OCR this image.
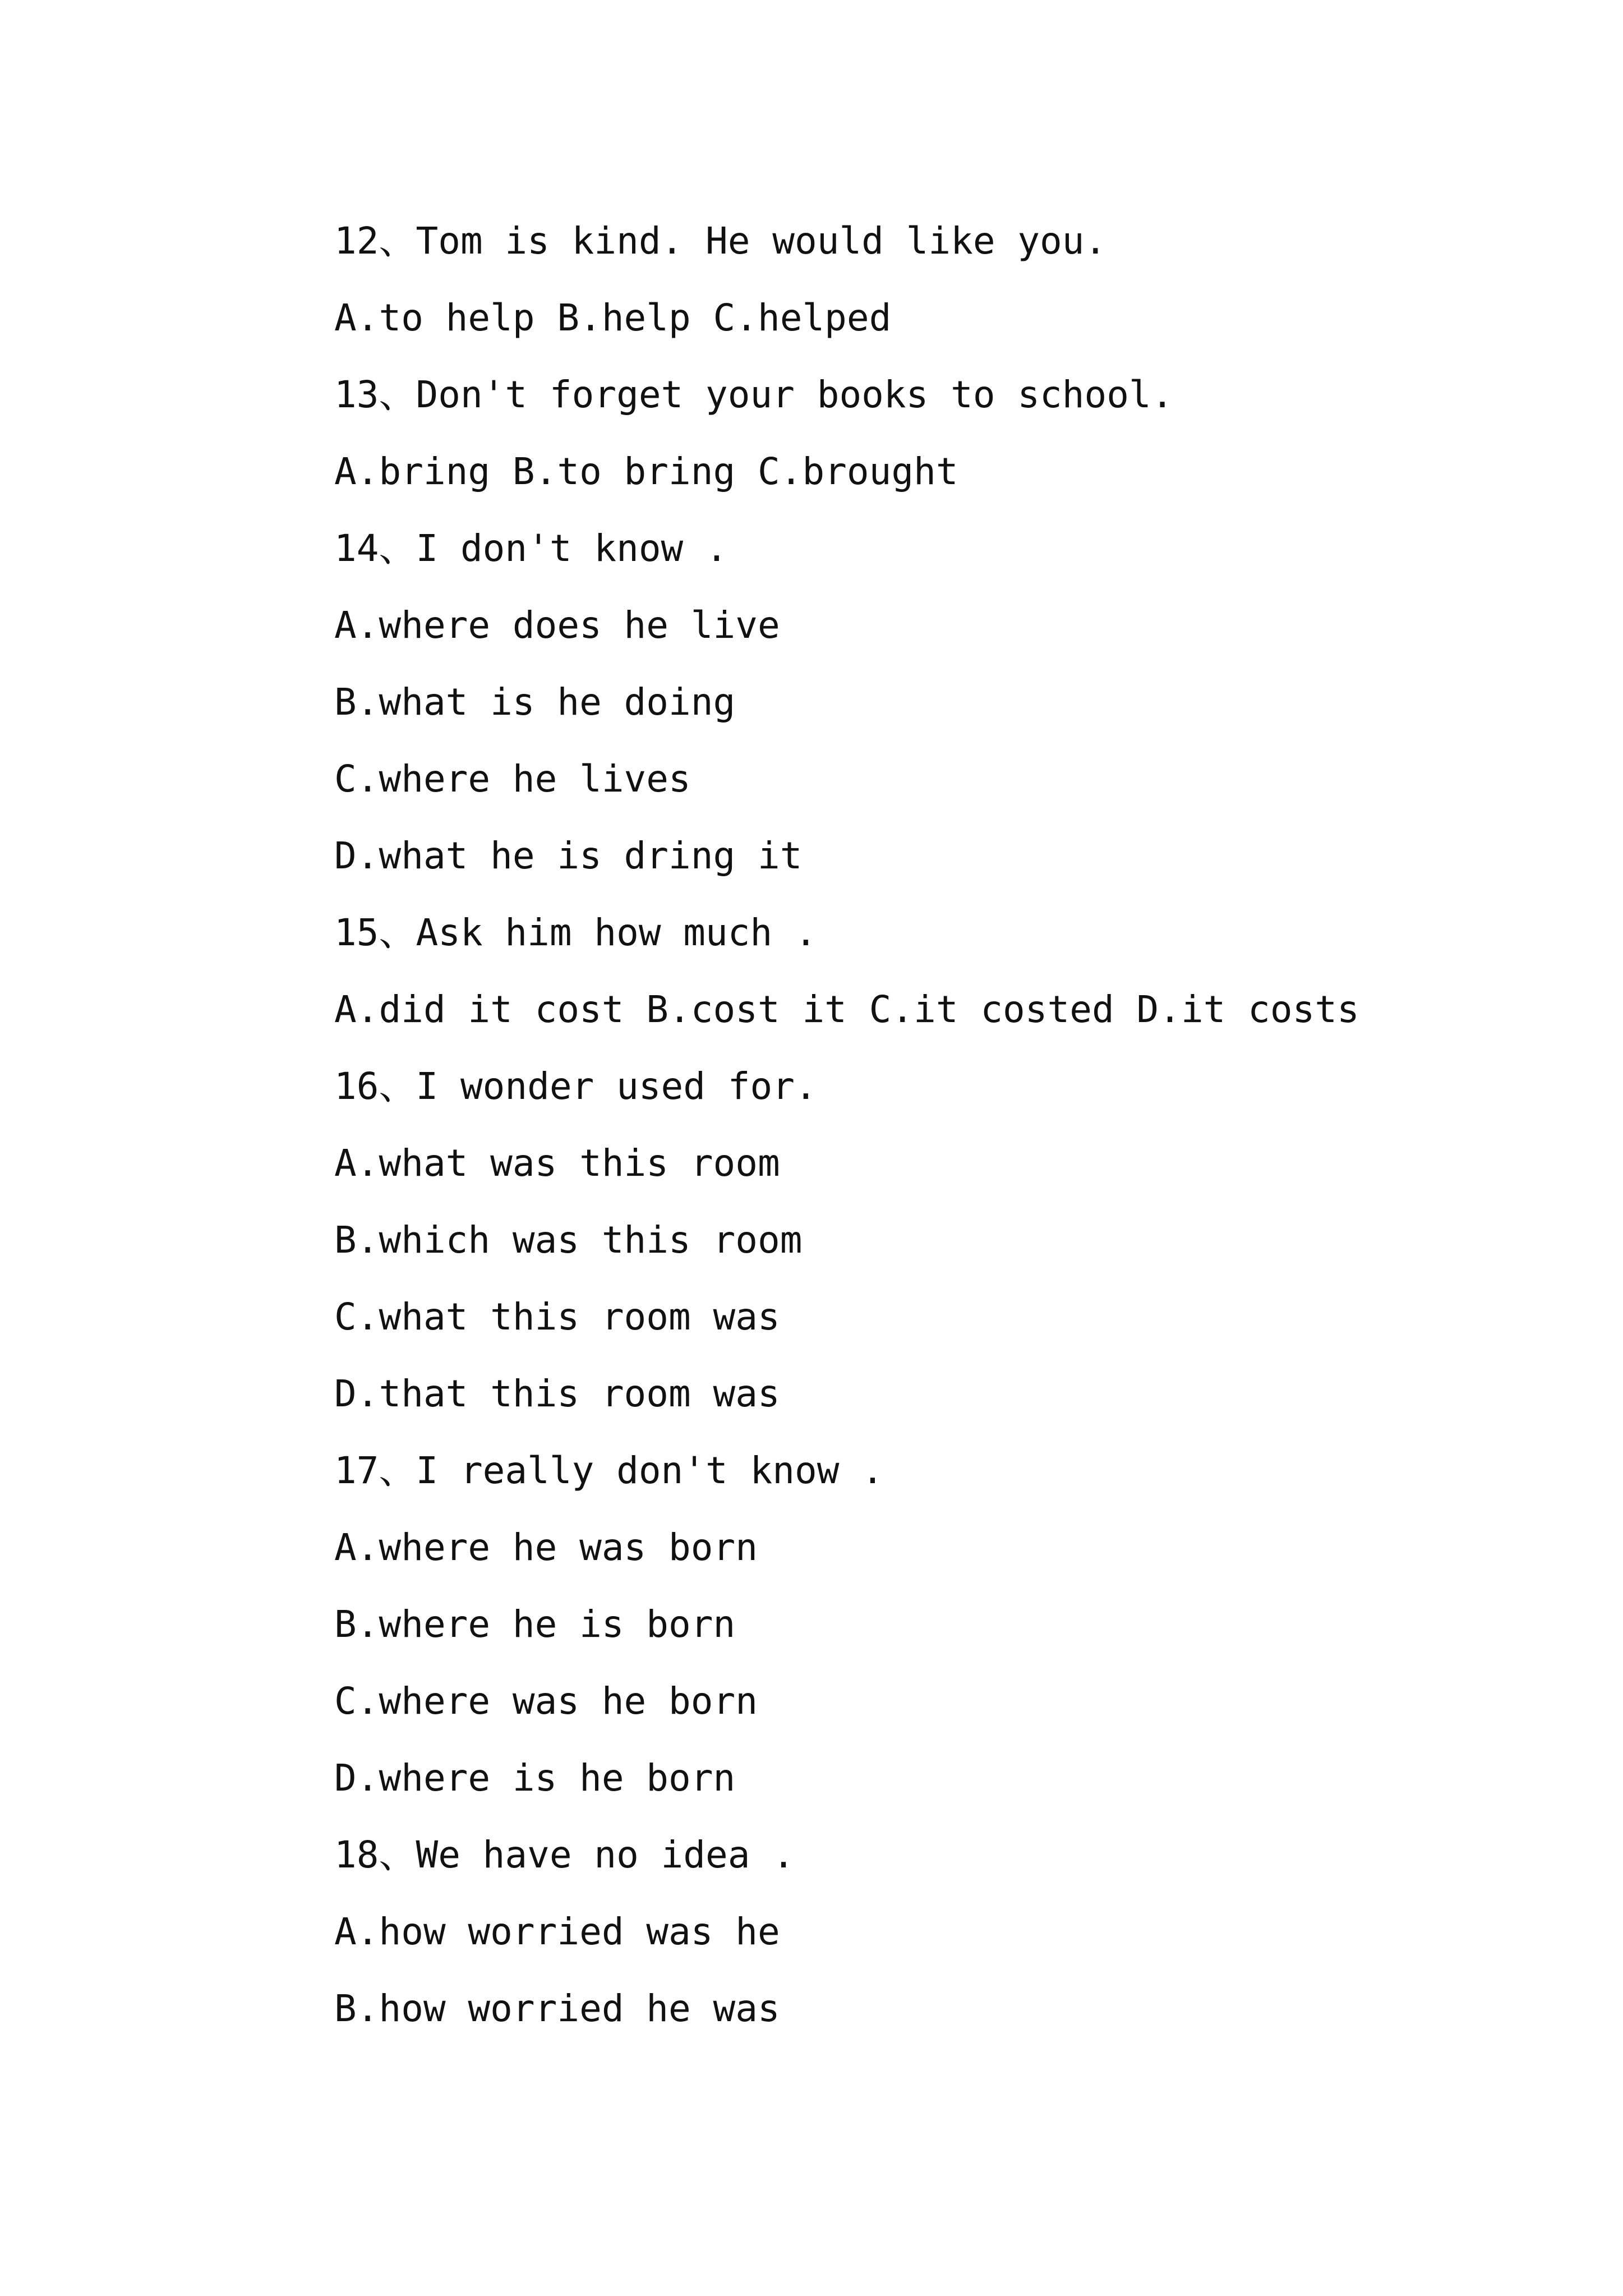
12、Tom is kind. He would like you.
A.to help B.help C.helped
13、Don't forget your books to school.
A.bring B.to bring C.brought
14、I don't know .
A.where does he live
B.what is he doing
C.where he lives
D.what he is dring it
15、Ask him how much .
A.did it cost B.cost it C.it costed D.it costs
16、I wonder used for.
A.what was this room
B.which was this room
C.what this room was
D.that this room was
17、I really don't know .
A.where he was born
B.where he is born
C.where was he born
D.where is he born
18、We have no idea .
A.how worried was he
B.how worried he was
